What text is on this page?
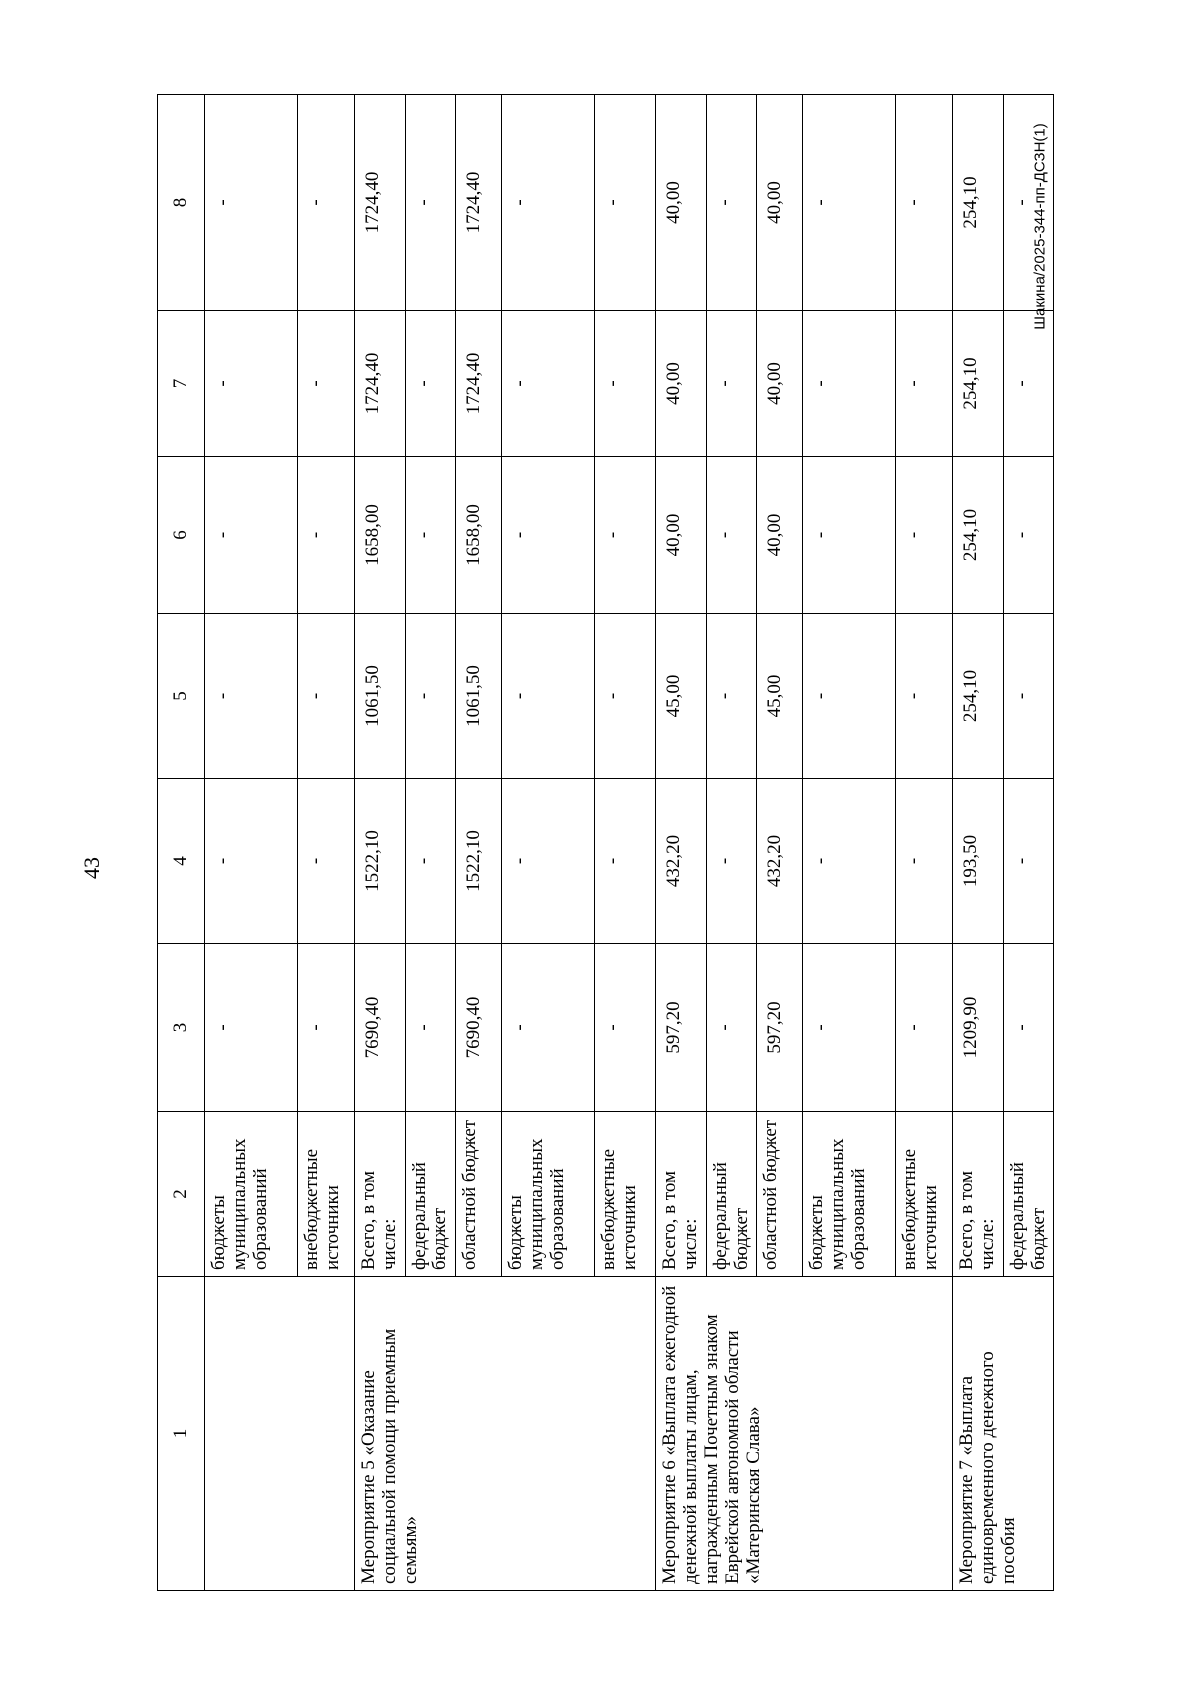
43
Шакина/2025-344-пп-ДСЗН(1)
1	2	3	4	5	6	7	8
	бюджеты муниципальных образований	-	-	-	-	-	-
	внебюджетные источники	-	-	-	-	-	-
Мероприятие 5 «Оказание социальной помощи приемным семьям»	Всего, в том числе:	7690,40	1522,10	1061,50	1658,00	1724,40	1724,40
	федеральный бюджет	-	-	-	-	-	-
	областной бюджет	7690,40	1522,10	1061,50	1658,00	1724,40	1724,40
	бюджеты муниципальных образований	-	-	-	-	-	-
	внебюджетные источники	-	-	-	-	-	-
Мероприятие 6 «Выплата ежегодной денежной выплаты лицам, награжденным Почетным знаком Еврейской автономной области «Материнская Слава»	Всего, в том числе:	597,20	432,20	45,00	40,00	40,00	40,00
	федеральный бюджет	-	-	-	-	-	-
	областной бюджет	597,20	432,20	45,00	40,00	40,00	40,00
	бюджеты муниципальных образований	-	-	-	-	-	-
	внебюджетные источники	-	-	-	-	-	-
Мероприятие 7 «Выплата единовременного денежного пособия	Всего, в том числе:	1209,90	193,50	254,10	254,10	254,10	254,10
	федеральный бюджет	-	-	-	-	-	-
